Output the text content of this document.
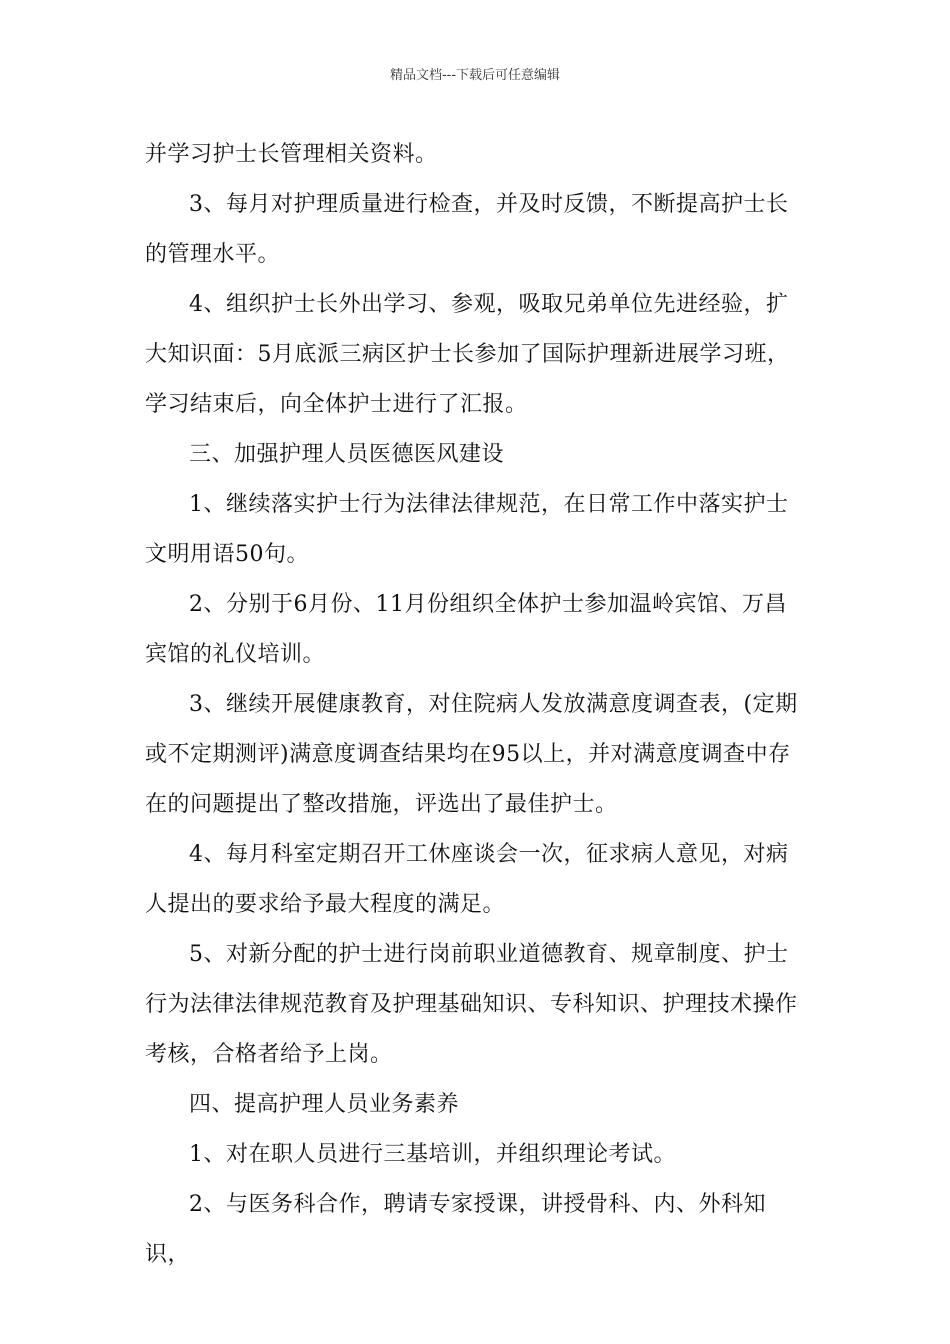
精品文档---下载后可任意编辑

并学习护士长管理相关资料。

3、每月对护理质量进行检查，并及时反馈，不断提高护士长的管理水平。

4、组织护士长外出学习、参观，吸取兄弟单位先进经验，扩大知识面：5月底派三病区护士长参加了国际护理新进展学习班，学习结束后，向全体护士进行了汇报。

三、加强护理人员医德医风建设

1、继续落实护士行为法律法律规范，在日常工作中落实护士文明用语50句。

2、分别于6月份、11月份组织全体护士参加温岭宾馆、万昌宾馆的礼仪培训。

3、继续开展健康教育，对住院病人发放满意度调查表，(定期或不定期测评)满意度调查结果均在95以上，并对满意度调查中存在的问题提出了整改措施，评选出了最佳护士。

4、每月科室定期召开工休座谈会一次，征求病人意见，对病人提出的要求给予最大程度的满足。

5、对新分配的护士进行岗前职业道德教育、规章制度、护士行为法律法律规范教育及护理基础知识、专科知识、护理技术操作考核，合格者给予上岗。

四、提高护理人员业务素养

1、对在职人员进行三基培训，并组织理论考试。

2、与医务科合作，聘请专家授课，讲授骨科、内、外科知识，
